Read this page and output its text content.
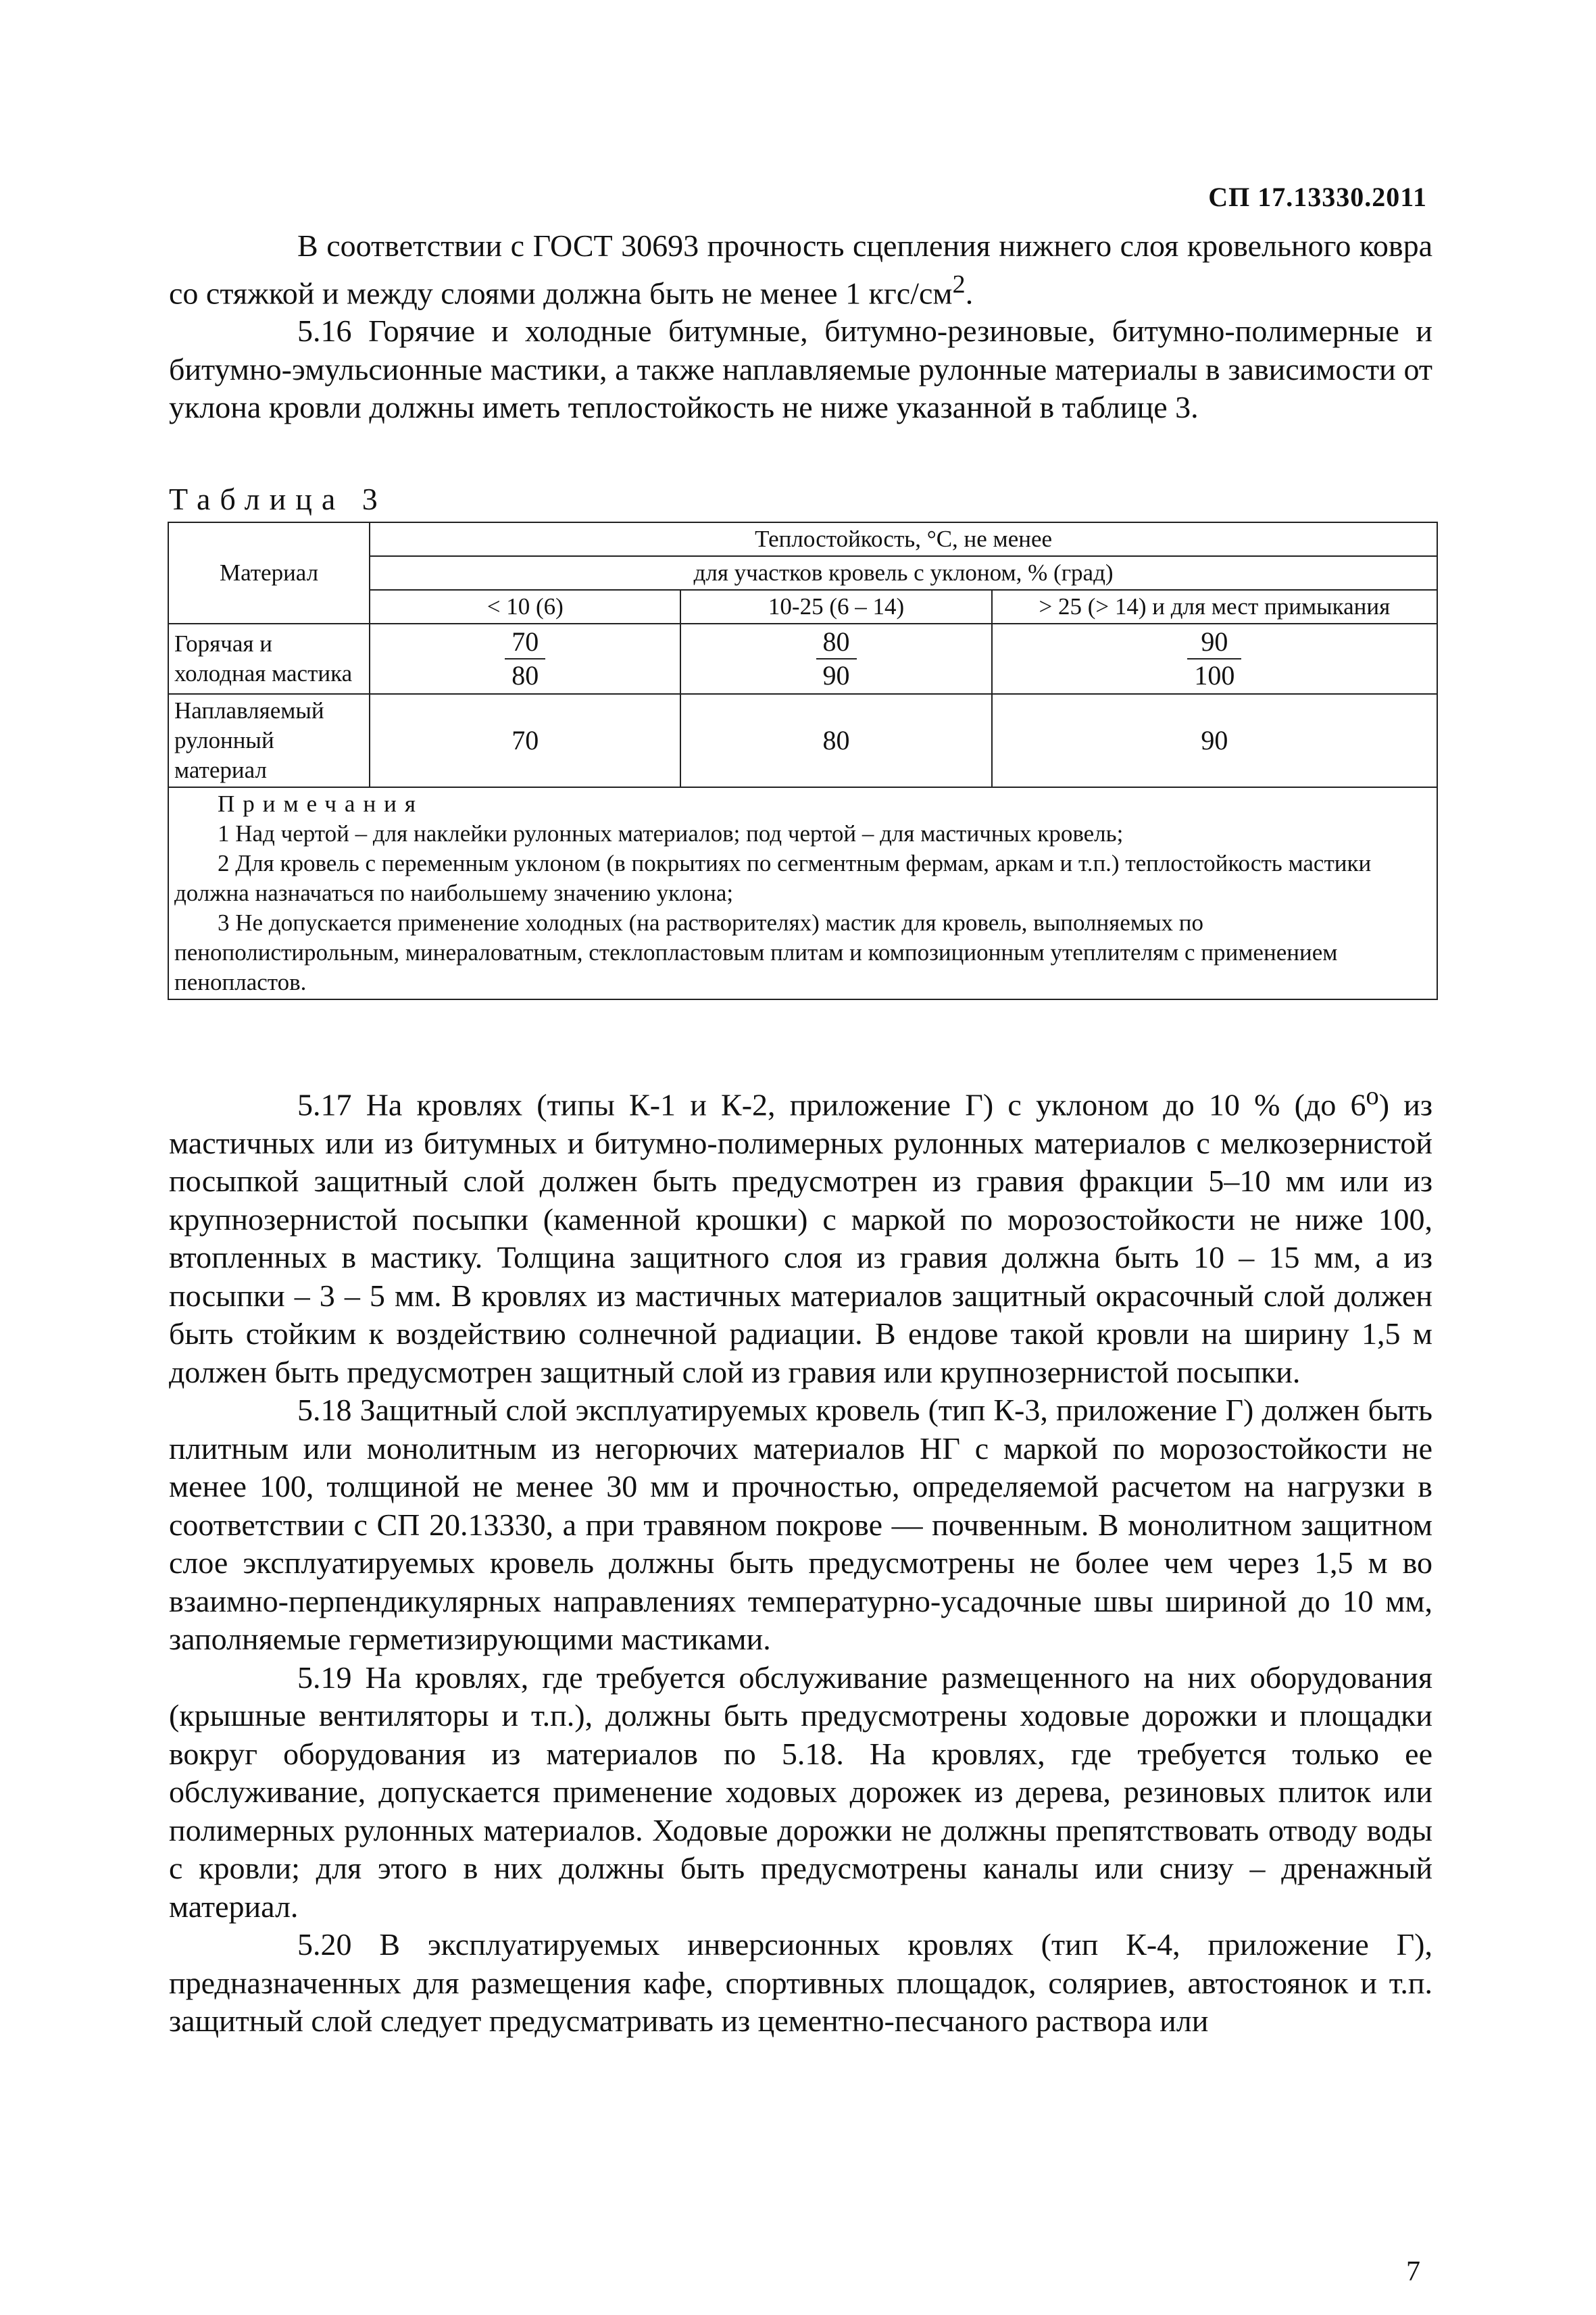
СП 17.13330.2011

В соответствии с ГОСТ 30693 прочность сцепления нижнего слоя кровельного ковра со стяжкой и между слоями должна быть не менее 1 кгс/$см^2$.

5.16 Горячие и холодные битумные, битумно-резиновые, битумно-полимерные и битумно-эмульсионные мастики, а также наплавляемые рулонные материалы в зависимости от уклона кровли должны иметь теплостойкость не ниже указанной в таблице 3.

Таблица 3
Материал	Теплостойкость, °С, не менее		
	для участков кровель с уклоном, % (град)		
	< 10 (6)	10-25 (6 – 14)	> 25 (> 14) и для мест примыкания
Горячая и холодная мастика	$\frac{70}{80}$	$\frac{80}{90}$	$\frac{90}{100}$

Наплавляемый рулонный материал	70	80	90

Примечания
1 Над чертой – для наклейки рулонных материалов; под чертой – для мастичных кровель;
2 Для кровель с переменным уклоном (в покрытиях по сегментным фермам, аркам и т.п.) теплостойкость мастики должна назначаться по наибольшему значению уклона;
3 Не допускается применение холодных (на растворителях) мастик для кровель, выполняемых по пенополистирольным, минераловатным, стеклопластовым плитам и композиционным утеплителям с применением пенопластов.			

5.17 На кровлях (типы К-1 и К-2, приложение Г) с уклоном до 10 % (до $6^о$) из мастичных или из битумных и битумно-полимерных рулонных материалов с мелкозернистой посыпкой защитный слой должен быть предусмотрен из гравия фракции 5–10 мм или из крупнозернистой посыпки (каменной крошки) с маркой по морозостойкости не ниже 100, втопленных в мастику. Толщина защитного слоя из гравия должна быть 10 – 15 мм, а из посыпки – 3 – 5 мм. В кровлях из мастичных материалов защитный окрасочный слой должен быть стойким к воздействию солнечной радиации. В ендове такой кровли на ширину 1,5 м должен быть предусмотрен защитный слой из гравия или крупнозернистой посыпки.

5.18 Защитный слой эксплуатируемых кровель (тип К-3, приложение Г) должен быть плитным или монолитным из негорючих материалов НГ с маркой по морозостойкости не менее 100, толщиной не менее 30 мм и прочностью, определяемой расчетом на нагрузки в соответствии с СП 20.13330, а при травяном покрове — почвенным. В монолитном защитном слое эксплуатируемых кровель должны быть предусмотрены не более чем через 1,5 м во взаимно-перпендикулярных направлениях температурно-усадочные швы шириной до 10 мм, заполняемые герметизирующими мастиками.

5.19 На кровлях, где требуется обслуживание размещенного на них оборудования (крышные вентиляторы и т.п.), должны быть предусмотрены ходовые дорожки и площадки вокруг оборудования из материалов по 5.18. На кровлях, где требуется только ее обслуживание, допускается применение ходовых дорожек из дерева, резиновых плиток или полимерных рулонных материалов. Ходовые дорожки не должны препятствовать отводу воды с кровли; для этого в них должны быть предусмотрены каналы или снизу – дренажный материал.

5.20 В эксплуатируемых инверсионных кровлях (тип К-4, приложение Г), предназначенных для размещения кафе, спортивных площадок, соляриев, автостоянок и т.п. защитный слой следует предусматривать из цементно-песчаного раствора или

7
